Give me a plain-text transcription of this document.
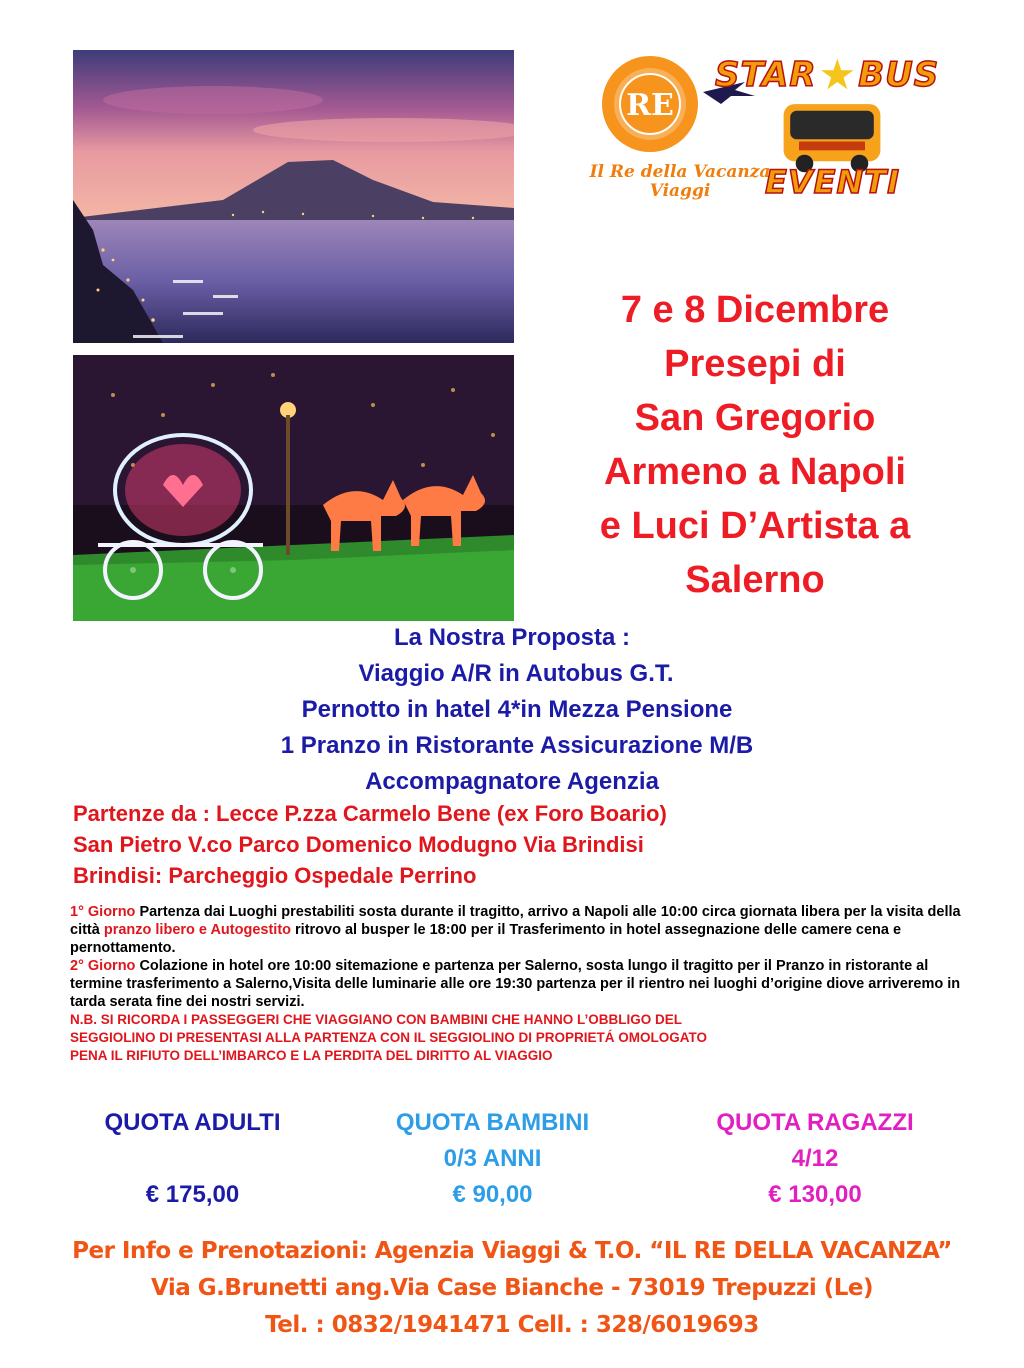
RE
Il Re della Vacanza
Viaggi
STAR ★ BUS
EVENTI
7 e 8 Dicembre
Presepi di
San Gregorio
Armeno a Napoli
e Luci D’Artista a
Salerno
La Nostra Proposta :
Viaggio A/R in Autobus G.T.
Pernotto in hatel 4*in Mezza Pensione
1 Pranzo in Ristorante Assicurazione M/B
Accompagnatore Agenzia
Partenze da : Lecce P.zza Carmelo Bene (ex Foro Boario)
San Pietro V.co Parco Domenico Modugno Via Brindisi
Brindisi: Parcheggio Ospedale Perrino

1° Giorno Partenza dai Luoghi prestabiliti sosta durante il tragitto, arrivo a Napoli alle 10:00 circa giornata libera per la visita della città pranzo libero e Autogestito ritrovo al busper le 18:00 per il Trasferimento in hotel assegnazione delle camere cena e pernottamento.

2° Giorno Colazione in hotel ore 10:00 sitemazione e partenza per Salerno, sosta lungo il tragitto per il Pranzo in ristorante al termine trasferimento a Salerno,Visita delle luminarie alle ore 19:30 partenza per il rientro nei luoghi d’origine diove arriveremo in tarda serata fine dei nostri servizi.

N.B. SI RICORDA I PASSEGGERI CHE VIAGGIANO CON BAMBINI CHE HANNO L’OBBLIGO DEL
SEGGIOLINO DI PRESENTASI ALLA PARTENZA CON IL SEGGIOLINO DI PROPRIETÁ OMOLOGATO
PENA IL RIFIUTO DELL’IMBARCO E LA PERDITA DEL DIRITTO AL VIAGGIO
QUOTA ADULTI
€ 175,00
QUOTA BAMBINI
0/3 ANNI
€ 90,00
QUOTA RAGAZZI
4/12
€ 130,00
Per Info e Prenotazioni: Agenzia Viaggi & T.O. “IL RE DELLA VACANZA”
Via G.Brunetti ang.Via Case Bianche - 73019 Trepuzzi (Le)
Tel. : 0832/1941471 Cell. : 328/6019693
